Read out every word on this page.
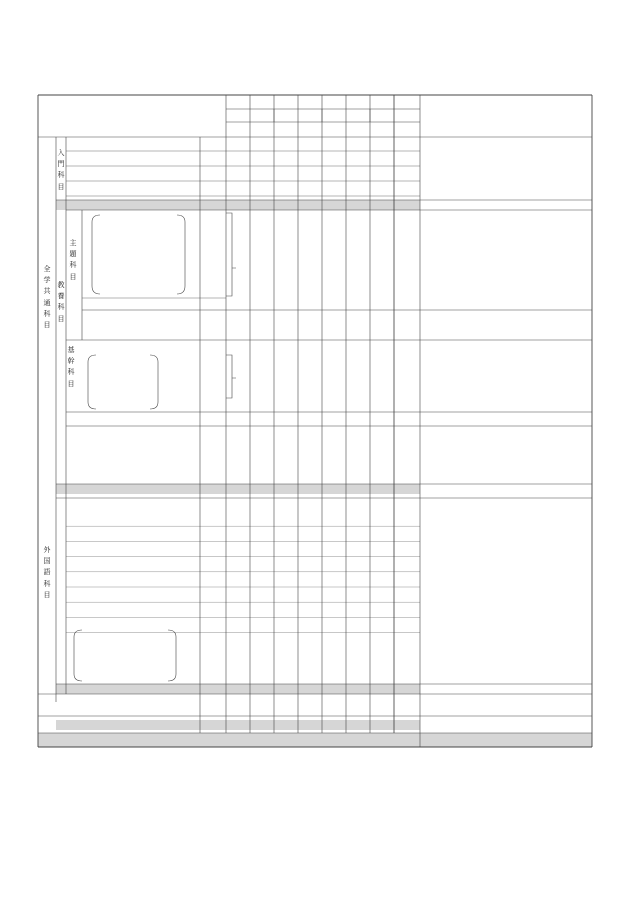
全
学
共
通
科
目
入
門
科
目
教
養
科
目
主
題
科
目
基
幹
科
目
外
国
語
科
目
